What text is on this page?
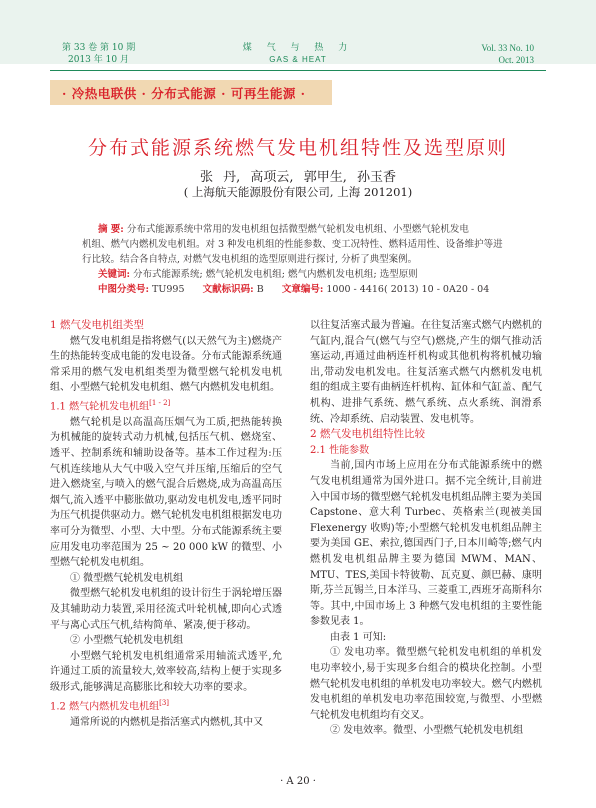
第 33 卷 第 10 期
2013 年 10 月
煤 气 与 热 力
GAS & HEAT
Vol. 33 No. 10
Oct. 2013
· 冷热电联供 · 分布式能源 · 可再生能源 ·
分布式能源系统燃气发电机组特性及选型原则
张 丹, 高项云, 郭甲生, 孙玉香
( 上海航天能源股份有限公司, 上海 201201)

摘 要: 分布式能源系统中常用的发电机组包括微型燃气轮机发电机组、小型燃气轮机发电

机组、燃气内燃机发电机组。对 3 种发电机组的性能参数、变工况特性、燃料适用性、设备维护等进

行比较。结合各自特点, 对燃气发电机组的选型原则进行探讨, 分析了典型案例。

关键词: 分布式能源系统; 燃气轮机发电机组; 燃气内燃机发电机组; 选型原则

中图分类号: TU995 文献标识码: B 文章编号: 1000 - 4416( 2013) 10 - 0A20 - 04

1 燃气发电机组类型

燃气发电机组是指将燃气(以天然气为主)燃烧产生的热能转变成电能的发电设备。分布式能源系统通常采用的燃气发电机组类型为微型燃气轮机发电机组、小型燃气轮机发电机组、燃气内燃机发电机组。

1.1 燃气轮机发电机组[1 - 2]

燃气轮机是以高温高压烟气为工质,把热能转换为机械能的旋转式动力机械,包括压气机、燃烧室、透平、控制系统和辅助设备等。基本工作过程为:压气机连续地从大气中吸入空气并压缩,压缩后的空气进入燃烧室,与喷入的燃气混合后燃烧,成为高温高压烟气,流入透平中膨胀做功,驱动发电机发电,透平同时为压气机提供驱动力。燃气轮机发电机组根据发电功率可分为微型、小型、大中型。分布式能源系统主要应用发电功率范围为 25 ~ 20 000 kW 的微型、小型燃气轮机发电机组。

① 微型燃气轮机发电机组

微型燃气轮机发电机组的设计衍生于涡轮增压器及其辅助动力装置,采用径流式叶轮机械,即向心式透平与离心式压气机,结构简单、紧凑,便于移动。

② 小型燃气轮机发电机组

小型燃气轮机发电机组通常采用轴流式透平,允许通过工质的流量较大,效率较高,结构上便于实现多级形式,能够满足高膨胀比和较大功率的要求。

1.2 燃气内燃机发电机组[3]

通常所说的内燃机是指活塞式内燃机,其中又

以往复活塞式最为普遍。在往复活塞式燃气内燃机的气缸内,混合气(燃气与空气)燃烧,产生的烟气推动活塞运动,再通过曲柄连杆机构或其他机构将机械功输出,带动发电机发电。往复活塞式燃气内燃机发电机组的组成主要有曲柄连杆机构、缸体和气缸盖、配气机构、进排气系统、燃气系统、点火系统、润滑系统、冷却系统、启动装置、发电机等。

2 燃气发电机组特性比较

2.1 性能参数

当前,国内市场上应用在分布式能源系统中的燃气发电机组通常为国外进口。据不完全统计,目前进入中国市场的微型燃气轮机发电机组品牌主要为美国 Capstone、意大利 Turbec、英格索兰(现被美国 Flexenergy 收购)等;小型燃气轮机发电机组品牌主要为美国 GE、索拉,德国西门子,日本川崎等;燃气内燃机发电机组品牌主要为德国 MWM、MAN、MTU、TES,美国卡特彼勒、瓦克夏、颜巴赫、康明斯,芬兰瓦锡兰,日本洋马、三菱重工,西班牙高斯科尔等。其中,中国市场上 3 种燃气发电机组的主要性能参数见表 1。

由表 1 可知:

① 发电功率。微型燃气轮机发电机组的单机发电功率较小,易于实现多台组合的模块化控制。小型燃气轮机发电机组的单机发电功率较大。燃气内燃机发电机组的单机发电功率范围较宽,与微型、小型燃气轮机发电机组均有交叉。

② 发电效率。微型、小型燃气轮机发电机组

· A 20 ·
